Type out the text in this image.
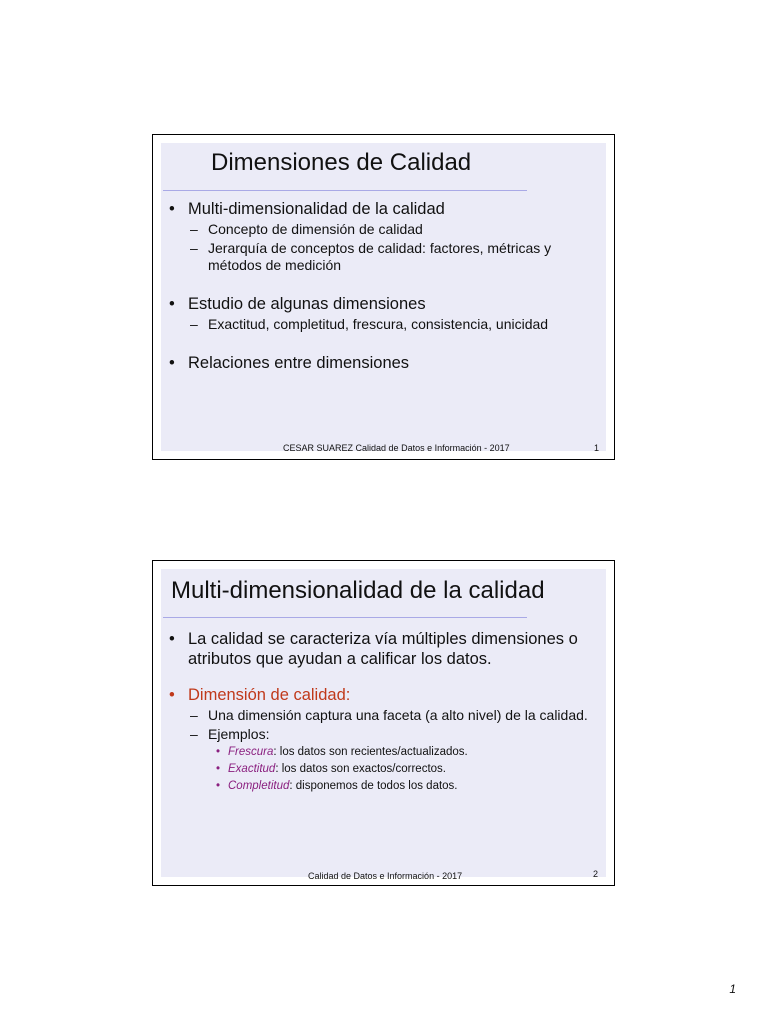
Dimensiones de Calidad
• Multi-dimensionalidad de la calidad
– Concepto de dimensión de calidad
– Jerarquía de conceptos de calidad: factores, métricas y métodos de medición
• Estudio de algunas dimensiones
– Exactitud, completitud, frescura, consistencia, unicidad
• Relaciones entre dimensiones
CESAR SUAREZ Calidad de Datos e Información - 2017	1
Multi-dimensionalidad de la calidad
• La calidad se caracteriza vía múltiples dimensiones o atributos que ayudan a calificar los datos.
• Dimensión de calidad:
– Una dimensión captura una faceta (a alto nivel) de la calidad.
– Ejemplos:
• Frescura: los datos son recientes/actualizados.
• Exactitud: los datos son exactos/correctos.
• Completitud: disponemos de todos los datos.
Calidad de Datos e Información - 2017	2
1
